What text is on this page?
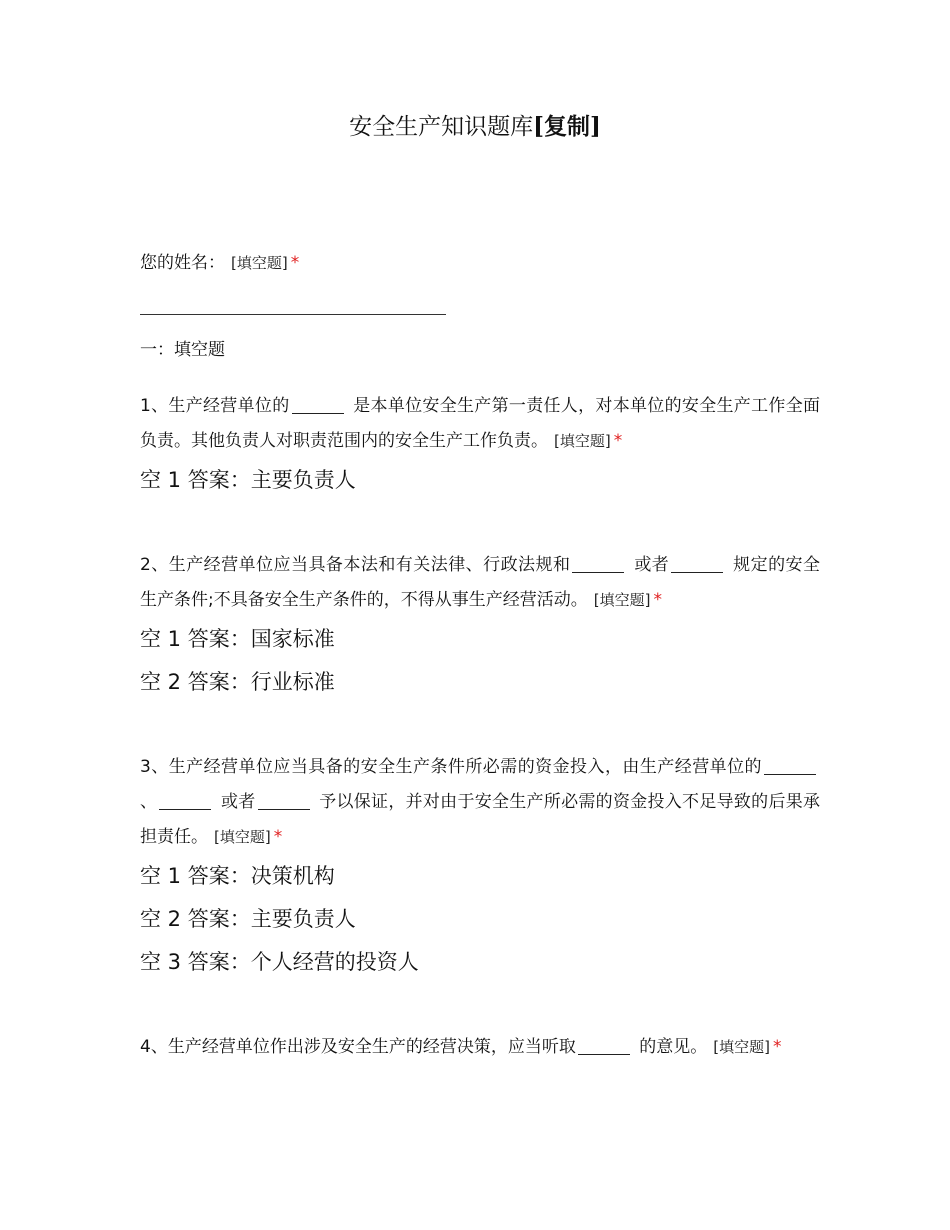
安全生产知识题库[复制]
您的姓名： [填空题] *
一：填空题
1、生产经营单位的	是本单位安全生产第一责任人，对本单位的安全生产工作全面负责。其他负责人对职责范围内的安全生产工作负责。 [填空题] *
空 1 答案：主要负责人
2、生产经营单位应当具备本法和有关法律、行政法规和	或者	规定的安全生产条件;不具备安全生产条件的，不得从事生产经营活动。 [填空题] *
空 1 答案：国家标准
空 2 答案：行业标准
3、生产经营单位应当具备的安全生产条件所必需的资金投入，由生产经营单位的 、	或者	予以保证，并对由于安全生产所必需的资金投入不足导致的后果承担责任。 [填空题] *
空 1 答案：决策机构
空 2 答案：主要负责人
空 3 答案：个人经营的投资人
4、生产经营单位作出涉及安全生产的经营决策，应当听取	的意见。 [填空题] *
